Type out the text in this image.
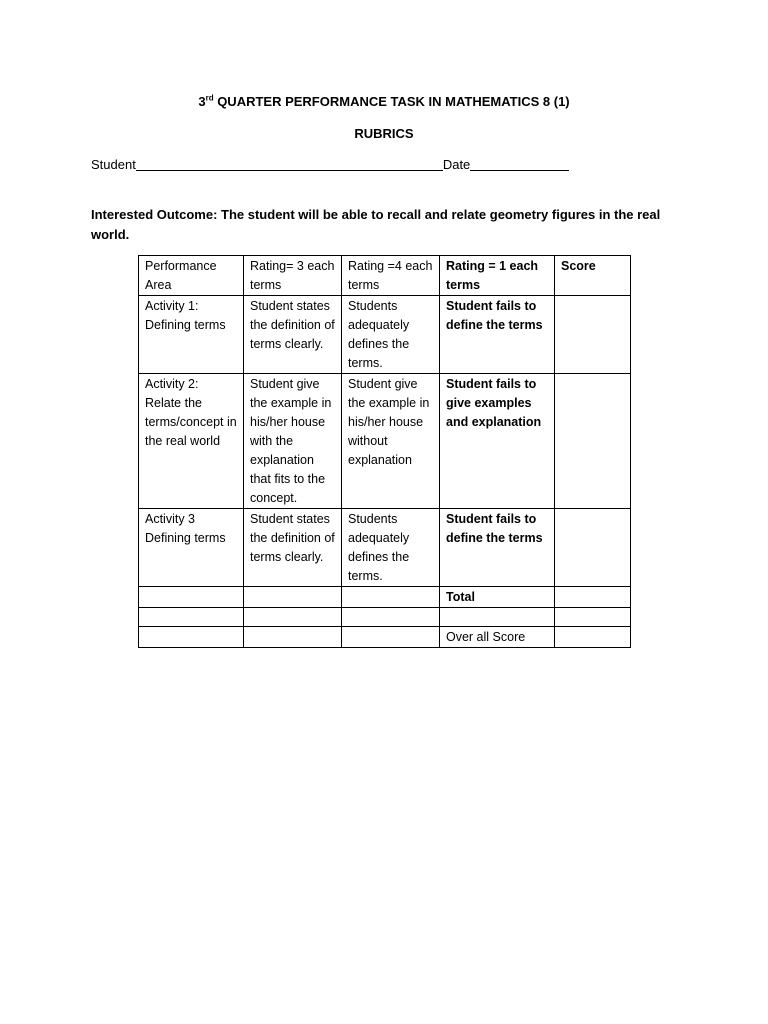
3rd QUARTER PERFORMANCE TASK IN MATHEMATICS 8 (1)
RUBRICS
Student	Date
Interested Outcome: The student will be able to recall and relate geometry figures in the real world.
Performance Area	Rating= 3 each terms	Rating =4 each terms	Rating = 1 each terms	Score
Activity 1: Defining terms	Student states the definition of terms clearly.	Students adequately defines the terms.	Student fails to define the terms	
Activity 2: Relate the terms/concept in the real world	Student give the example in his/her house with the explanation that fits to the concept.	Student give the example in his/her house without explanation	Student fails to give examples and explanation	
Activity 3 Defining terms	Student states the definition of terms clearly.	Students adequately defines the terms.	Student fails to define the terms	
			Total	

			Over all Score	
